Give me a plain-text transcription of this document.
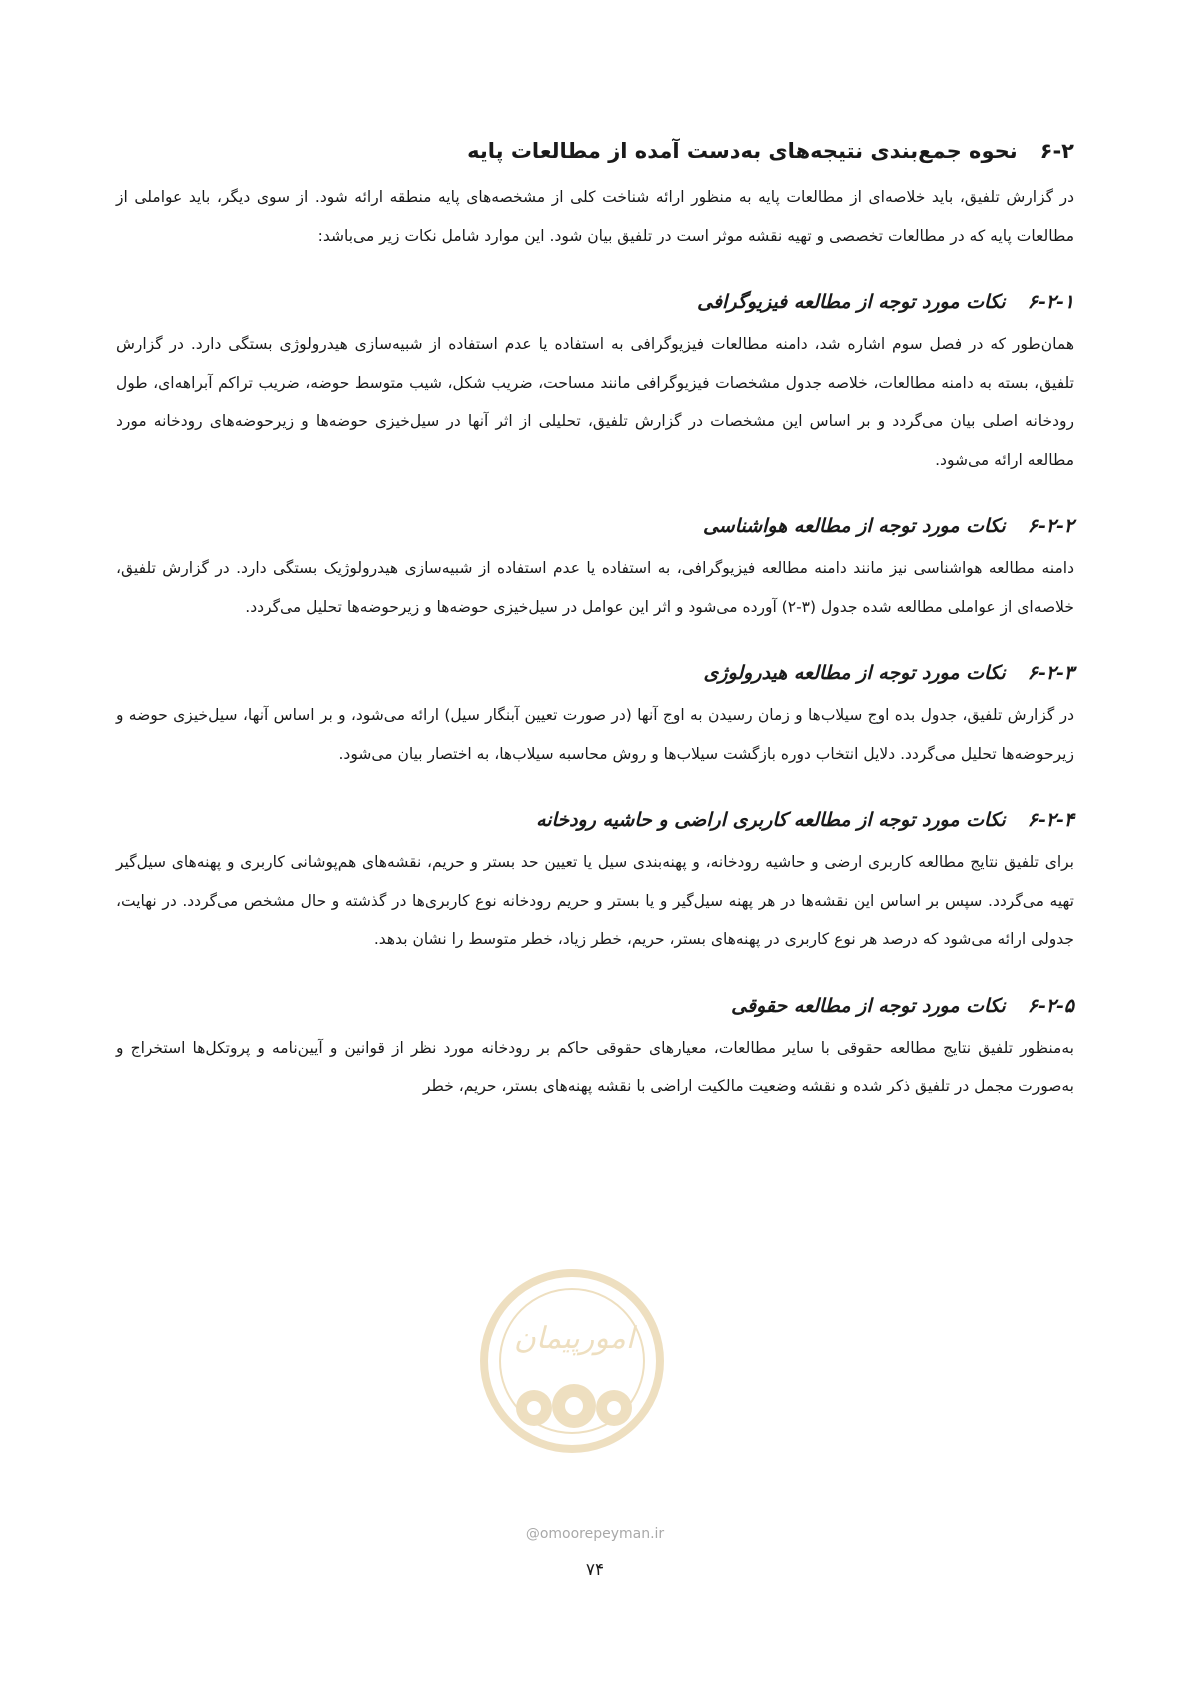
۶-۲نحوه جمع‌بندی نتیجه‌های به‌دست آمده از مطالعات پایه

در گزارش تلفیق، باید خلاصه‌ای از مطالعات پایه به منظور ارائه شناخت کلی از مشخصه‌های پایه منطقه ارائه شود. از سوی دیگر، باید عواملی از مطالعات پایه که در مطالعات تخصصی و تهیه نقشه موثر است در تلفیق بیان شود. این موارد شامل نکات زیر می‌باشد:

۶-۲-۱نکات مورد توجه از مطالعه فیزیوگرافی

همان‌طور که در فصل سوم اشاره شد، دامنه مطالعات فیزیوگرافی به استفاده یا عدم استفاده از شبیه‌سازی هیدرولوژی بستگی دارد. در گزارش تلفیق، بسته به دامنه مطالعات، خلاصه جدول مشخصات فیزیوگرافی مانند مساحت، ضریب شکل، شیب متوسط حوضه، ضریب تراکم آبراهه‌ای، طول رودخانه اصلی بیان می‌گردد و بر اساس این مشخصات در گزارش تلفیق، تحلیلی از اثر آنها در سیل‌خیزی حوضه‌ها و زیرحوضه‌های رودخانه مورد مطالعه ارائه می‌شود.

۶-۲-۲نکات مورد توجه از مطالعه هواشناسی

دامنه مطالعه هواشناسی نیز مانند دامنه مطالعه فیزیوگرافی، به استفاده یا عدم استفاده از شبیه‌سازی هیدرولوژیک بستگی دارد. در گزارش تلفیق، خلاصه‌ای از عواملی مطالعه شده جدول (۳-۲) آورده می‌شود و اثر این عوامل در سیل‌خیزی حوضه‌ها و زیرحوضه‌ها تحلیل می‌گردد.

۶-۲-۳نکات مورد توجه از مطالعه هیدرولوژی

در گزارش تلفیق، جدول بده اوج سیلاب‌ها و زمان رسیدن به اوج آنها (در صورت تعیین آبنگار سیل) ارائه می‌شود، و بر اساس آنها، سیل‌خیزی حوضه و زیرحوضه‌ها تحلیل می‌گردد. دلایل انتخاب دوره بازگشت سیلاب‌ها و روش محاسبه سیلاب‌ها، به اختصار بیان می‌شود.

۶-۲-۴نکات مورد توجه از مطالعه کاربری اراضی و حاشیه رودخانه

برای تلفیق نتایج مطالعه کاربری ارضی و حاشیه رودخانه، و پهنه‌بندی سیل یا تعیین حد بستر و حریم، نقشه‌های هم‌پوشانی کاربری و پهنه‌های سیل‌گیر تهیه می‌گردد. سپس بر اساس این نقشه‌ها در هر پهنه سیل‌گیر و یا بستر و حریم رودخانه نوع کاربری‌ها در گذشته و حال مشخص می‌گردد. در نهایت، جدولی ارائه می‌شود که درصد هر نوع کاربری در پهنه‌های بستر، حریم، خطر زیاد، خطر متوسط را نشان بدهد.

۶-۲-۵نکات مورد توجه از مطالعه حقوقی

به‌منظور تلفیق نتایج مطالعه حقوقی با سایر مطالعات، معیارهای حقوقی حاکم بر رودخانه مورد نظر از قوانین و آیین‌نامه و پروتکل‌ها استخراج و به‌صورت مجمل در تلفیق ذکر شده و نقشه وضعیت مالکیت اراضی با نقشه پهنه‌های بستر، حریم، خطر

امورپیمان
@omoorepeyman.ir
۷۴
